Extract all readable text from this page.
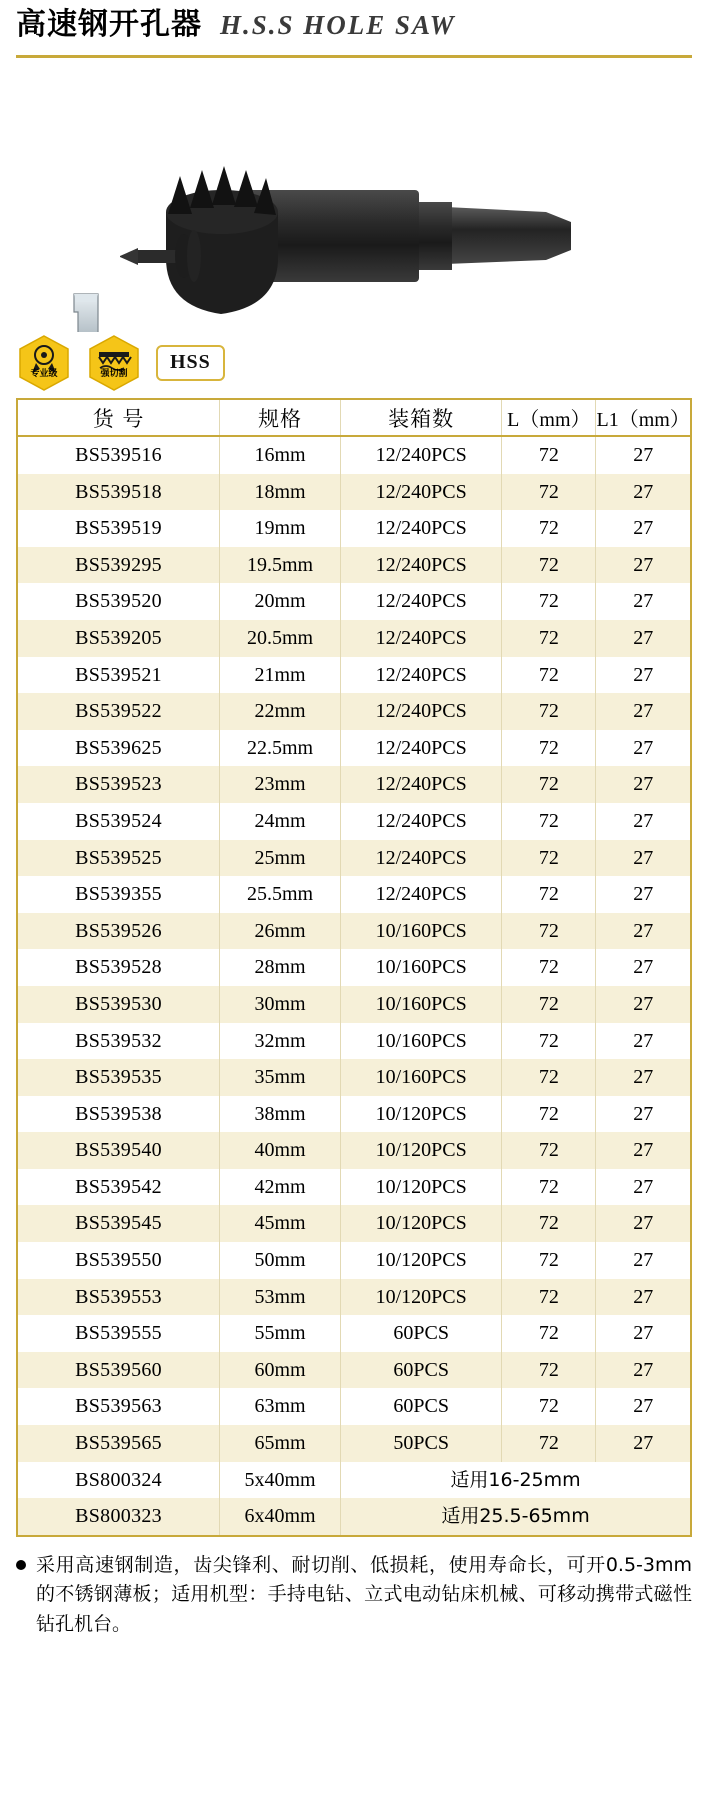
高速钢开孔器 H.S.S HOLE SAW
专业级	强切割
HSS
货 号	规格	装箱数	L（mm）	L1（mm）
BS539516	16mm	12/240PCS	72	27
BS539518	18mm	12/240PCS	72	27
BS539519	19mm	12/240PCS	72	27
BS539295	19.5mm	12/240PCS	72	27
BS539520	20mm	12/240PCS	72	27
BS539205	20.5mm	12/240PCS	72	27
BS539521	21mm	12/240PCS	72	27
BS539522	22mm	12/240PCS	72	27
BS539625	22.5mm	12/240PCS	72	27
BS539523	23mm	12/240PCS	72	27
BS539524	24mm	12/240PCS	72	27
BS539525	25mm	12/240PCS	72	27
BS539355	25.5mm	12/240PCS	72	27
BS539526	26mm	10/160PCS	72	27
BS539528	28mm	10/160PCS	72	27
BS539530	30mm	10/160PCS	72	27
BS539532	32mm	10/160PCS	72	27
BS539535	35mm	10/160PCS	72	27
BS539538	38mm	10/120PCS	72	27
BS539540	40mm	10/120PCS	72	27
BS539542	42mm	10/120PCS	72	27
BS539545	45mm	10/120PCS	72	27
BS539550	50mm	10/120PCS	72	27
BS539553	53mm	10/120PCS	72	27
BS539555	55mm	60PCS	72	27
BS539560	60mm	60PCS	72	27
BS539563	63mm	60PCS	72	27
BS539565	65mm	50PCS	72	27
BS800324	5x40mm	适用16-25mm		
BS800323	6x40mm	适用25.5-65mm		
采用高速钢制造，齿尖锋利、耐切削、低损耗，使用寿命长，可开0.5-3mm的不锈钢薄板；适用机型：手持电钻、立式电动钻床机械、可移动携带式磁性钻孔机台。
